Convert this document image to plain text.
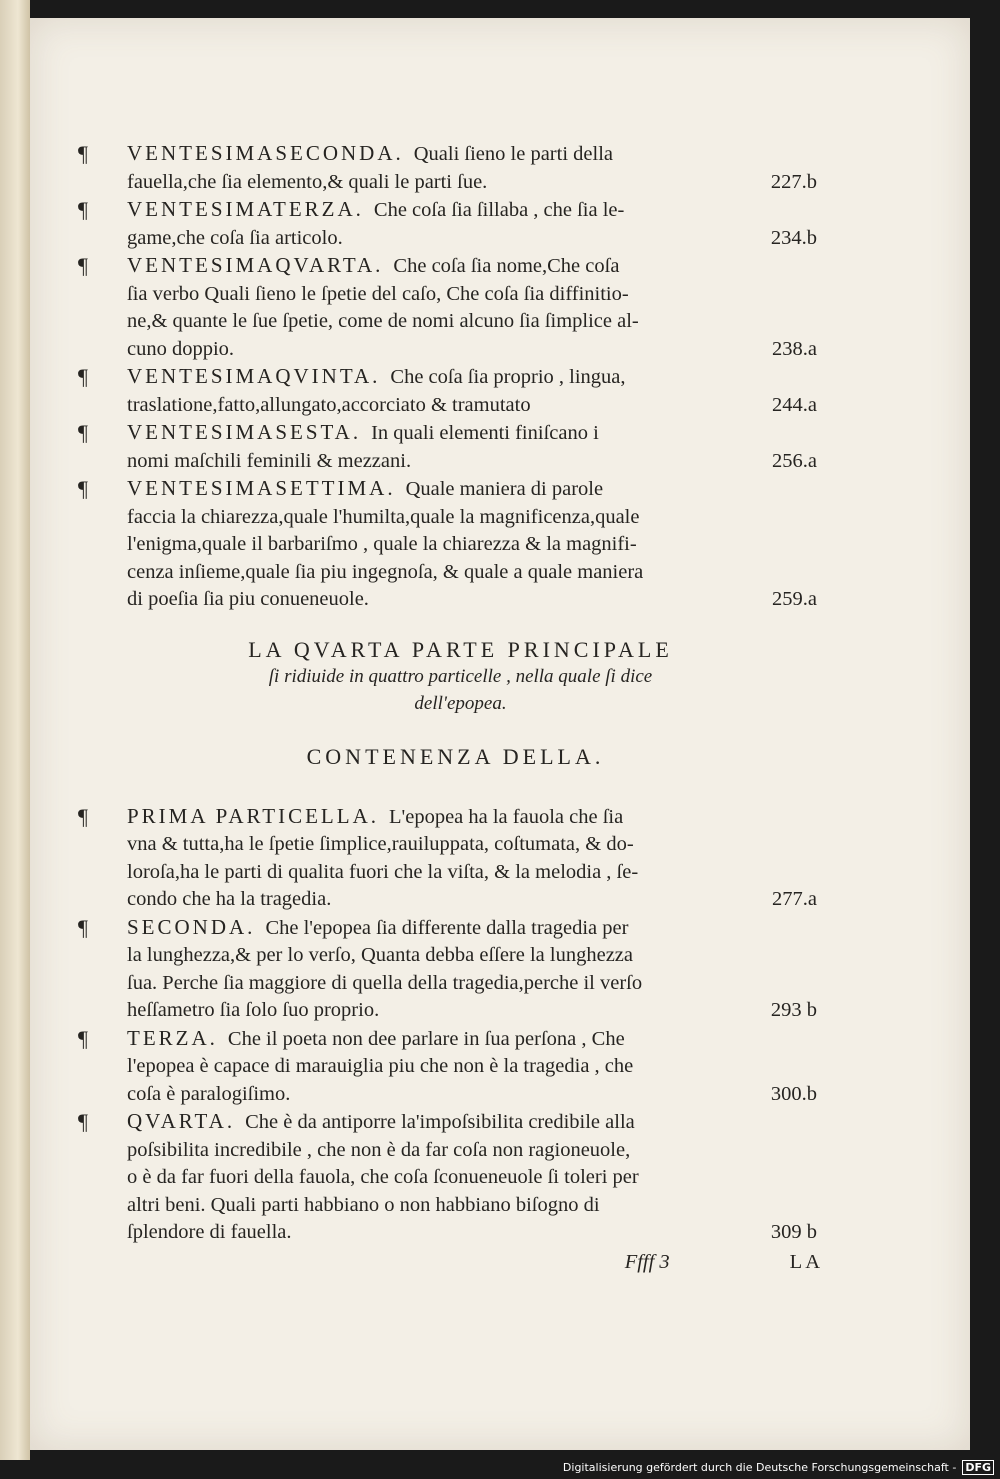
¶ VENTESIMASECONDA. Quali ſieno le parti della
fauella,che ſia elemento,& quali le parti ſue.	227.b
¶ VENTESIMATERZA. Che coſa ſia ſillaba , che ſia le-
game,che coſa ſia articolo.	234.b
¶ VENTESIMAQVARTA. Che coſa ſia nome,Che coſa
ſia verbo Quali ſieno le ſpetie del caſo, Che coſa ſia diffinitio-
ne,& quante le ſue ſpetie, come de nomi alcuno ſia ſimplice al-
cuno doppio.	238.a
¶ VENTESIMAQVINTA. Che coſa ſia proprio , lingua,
traslatione,fatto,allungato,accorciato & tramutato	244.a
¶ VENTESIMASESTA. In quali elementi finiſcano i
nomi maſchili feminili & mezzani.	256.a
¶ VENTESIMASETTIMA. Quale maniera di parole
faccia la chiarezza,quale l'humilta,quale la magnificenza,quale
l'enigma,quale il barbariſmo , quale la chiarezza & la magnifi-
cenza inſieme,quale ſia piu ingegnoſa, & quale a quale maniera
di poeſia ſia piu conueneuole.	259.a
LA QVARTA PARTE PRINCIPALE
ſi ridiuide in quattro particelle , nella quale ſi dice dell'epopea.
CONTENENZA DELLA.
¶ PRIMA PARTICELLA. L'epopea ha la fauola che ſia
vna & tutta,ha le ſpetie ſimplice,rauiluppata, coſtumata, & do-
loroſa,ha le parti di qualita fuori che la viſta, & la melodia , ſe-
condo che ha la tragedia.	277.a
¶ SECONDA. Che l'epopea ſia differente dalla tragedia per
la lunghezza,& per lo verſo, Quanta debba eſſere la lunghezza
ſua. Perche ſia maggiore di quella della tragedia,perche il verſo
heſſametro ſia ſolo ſuo proprio.	293 b
¶ TERZA. Che il poeta non dee parlare in ſua perſona , Che
l'epopea è capace di marauiglia piu che non è la tragedia , che
coſa è paralogiſimo.	300.b
¶ QVARTA. Che è da antiporre la'impoſsibilita credibile alla
poſsibilita incredibile , che non è da far coſa non ragioneuole,
o è da far fuori della fauola, che coſa ſconueneuole ſi toleri per
altri beni. Quali parti habbiano o non habbiano biſogno di
ſplendore di fauella.	309 b
Ffff 3	LA
Digitalisierung gefördert durch die Deutsche Forschungsgemeinschaft - DFG
